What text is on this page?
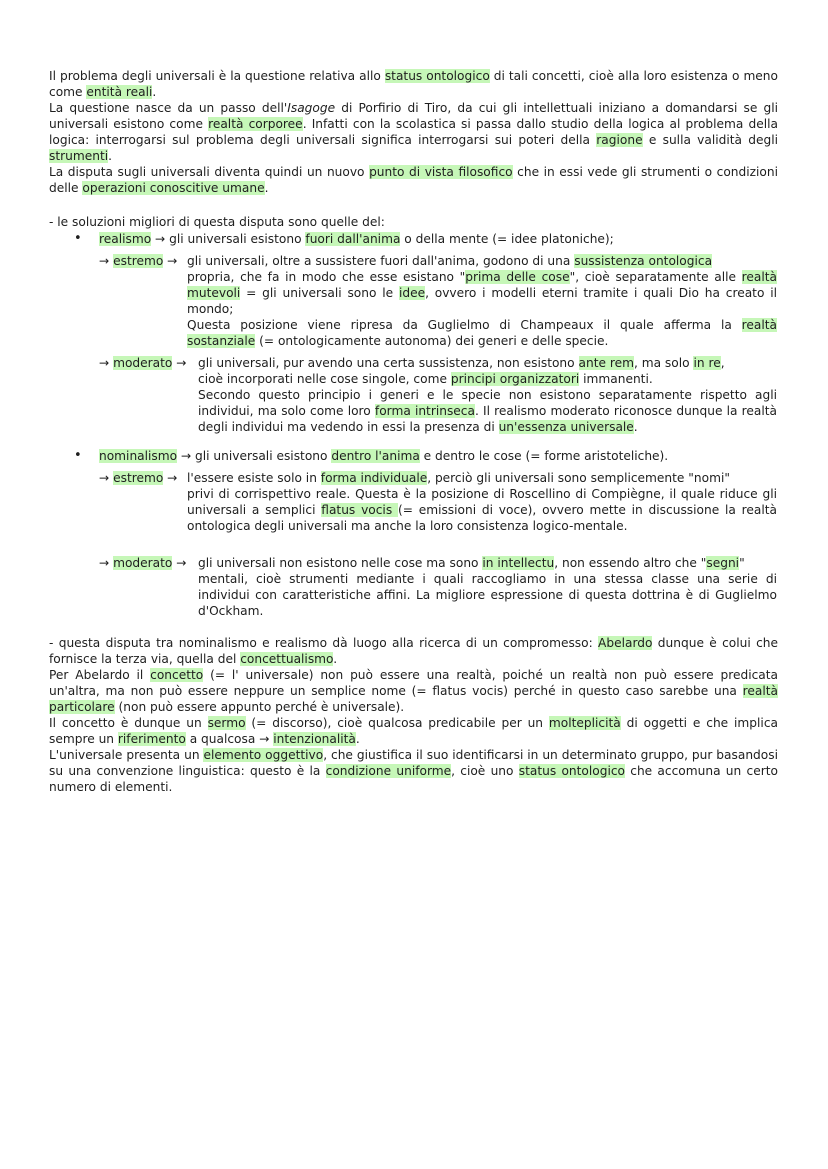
Il problema degli universali è la questione relativa allo status ontologico di tali concetti, cioè alla loro esistenza o meno come entità reali.

La questione nasce da un passo dell'Isagoge di Porfirio di Tiro, da cui gli intellettuali iniziano a domandarsi se gli universali esistono come realtà corporee. Infatti con la scolastica si passa dallo studio della logica al problema della logica: interrogarsi sul problema degli universali significa interrogarsi sui poteri della ragione e sulla validità degli strumenti.

La disputa sugli universali diventa quindi un nuovo punto di vista filosofico che in essi vede gli strumenti o condizioni delle operazioni conoscitive umane.

- le soluzioni migliori di questa disputa sono quelle del:

• realismo → gli universali esistono fuori dall'anima o della mente (= idee platoniche);
→ estremo → gli universali, oltre a sussistere fuori dall'anima, godono di una sussistenza ontologica

propria, che fa in modo che esse esistano "prima delle cose", cioè separatamente alle realtà mutevoli = gli universali sono le idee, ovvero i modelli eterni tramite i quali Dio ha creato il mondo;

Questa posizione viene ripresa da Guglielmo di Champeaux il quale afferma la realtà sostanziale (= ontologicamente autonoma) dei generi e delle specie.

→ moderato → gli universali, pur avendo una certa sussistenza, non esistono ante rem, ma solo in re,

cioè incorporati nelle cose singole, come principi organizzatori immanenti.

Secondo questo principio i generi e le specie non esistono separatamente rispetto agli individui, ma solo come loro forma intrinseca. Il realismo moderato riconosce dunque la realtà degli individui ma vedendo in essi la presenza di un'essenza universale.

• nominalismo → gli universali esistono dentro l'anima e dentro le cose (= forme aristoteliche).
→ estremo → l'essere esiste solo in forma individuale, perciò gli universali sono semplicemente "nomi"

privi di corrispettivo reale. Questa è la posizione di Roscellino di Compiègne, il quale riduce gli universali a semplici flatus vocis (= emissioni di voce), ovvero mette in discussione la realtà ontologica degli universali ma anche la loro consistenza logico-mentale.

→ moderato → gli universali non esistono nelle cose ma sono in intellectu, non essendo altro che "segni"

mentali, cioè strumenti mediante i quali raccogliamo in una stessa classe una serie di individui con caratteristiche affini. La migliore espressione di questa dottrina è di Guglielmo d'Ockham.

- questa disputa tra nominalismo e realismo dà luogo alla ricerca di un compromesso: Abelardo dunque è colui che fornisce la terza via, quella del concettualismo.

Per Abelardo il concetto (= l' universale) non può essere una realtà, poiché un realtà non può essere predicata un'altra, ma non può essere neppure un semplice nome (= flatus vocis) perché in questo caso sarebbe una realtà particolare (non può essere appunto perché è universale).

Il concetto è dunque un sermo (= discorso), cioè qualcosa predicabile per un molteplicità di oggetti e che implica sempre un riferimento a qualcosa → intenzionalità.

L'universale presenta un elemento oggettivo, che giustifica il suo identificarsi in un determinato gruppo, pur basandosi su una convenzione linguistica: questo è la condizione uniforme, cioè uno status ontologico che accomuna un certo numero di elementi.
